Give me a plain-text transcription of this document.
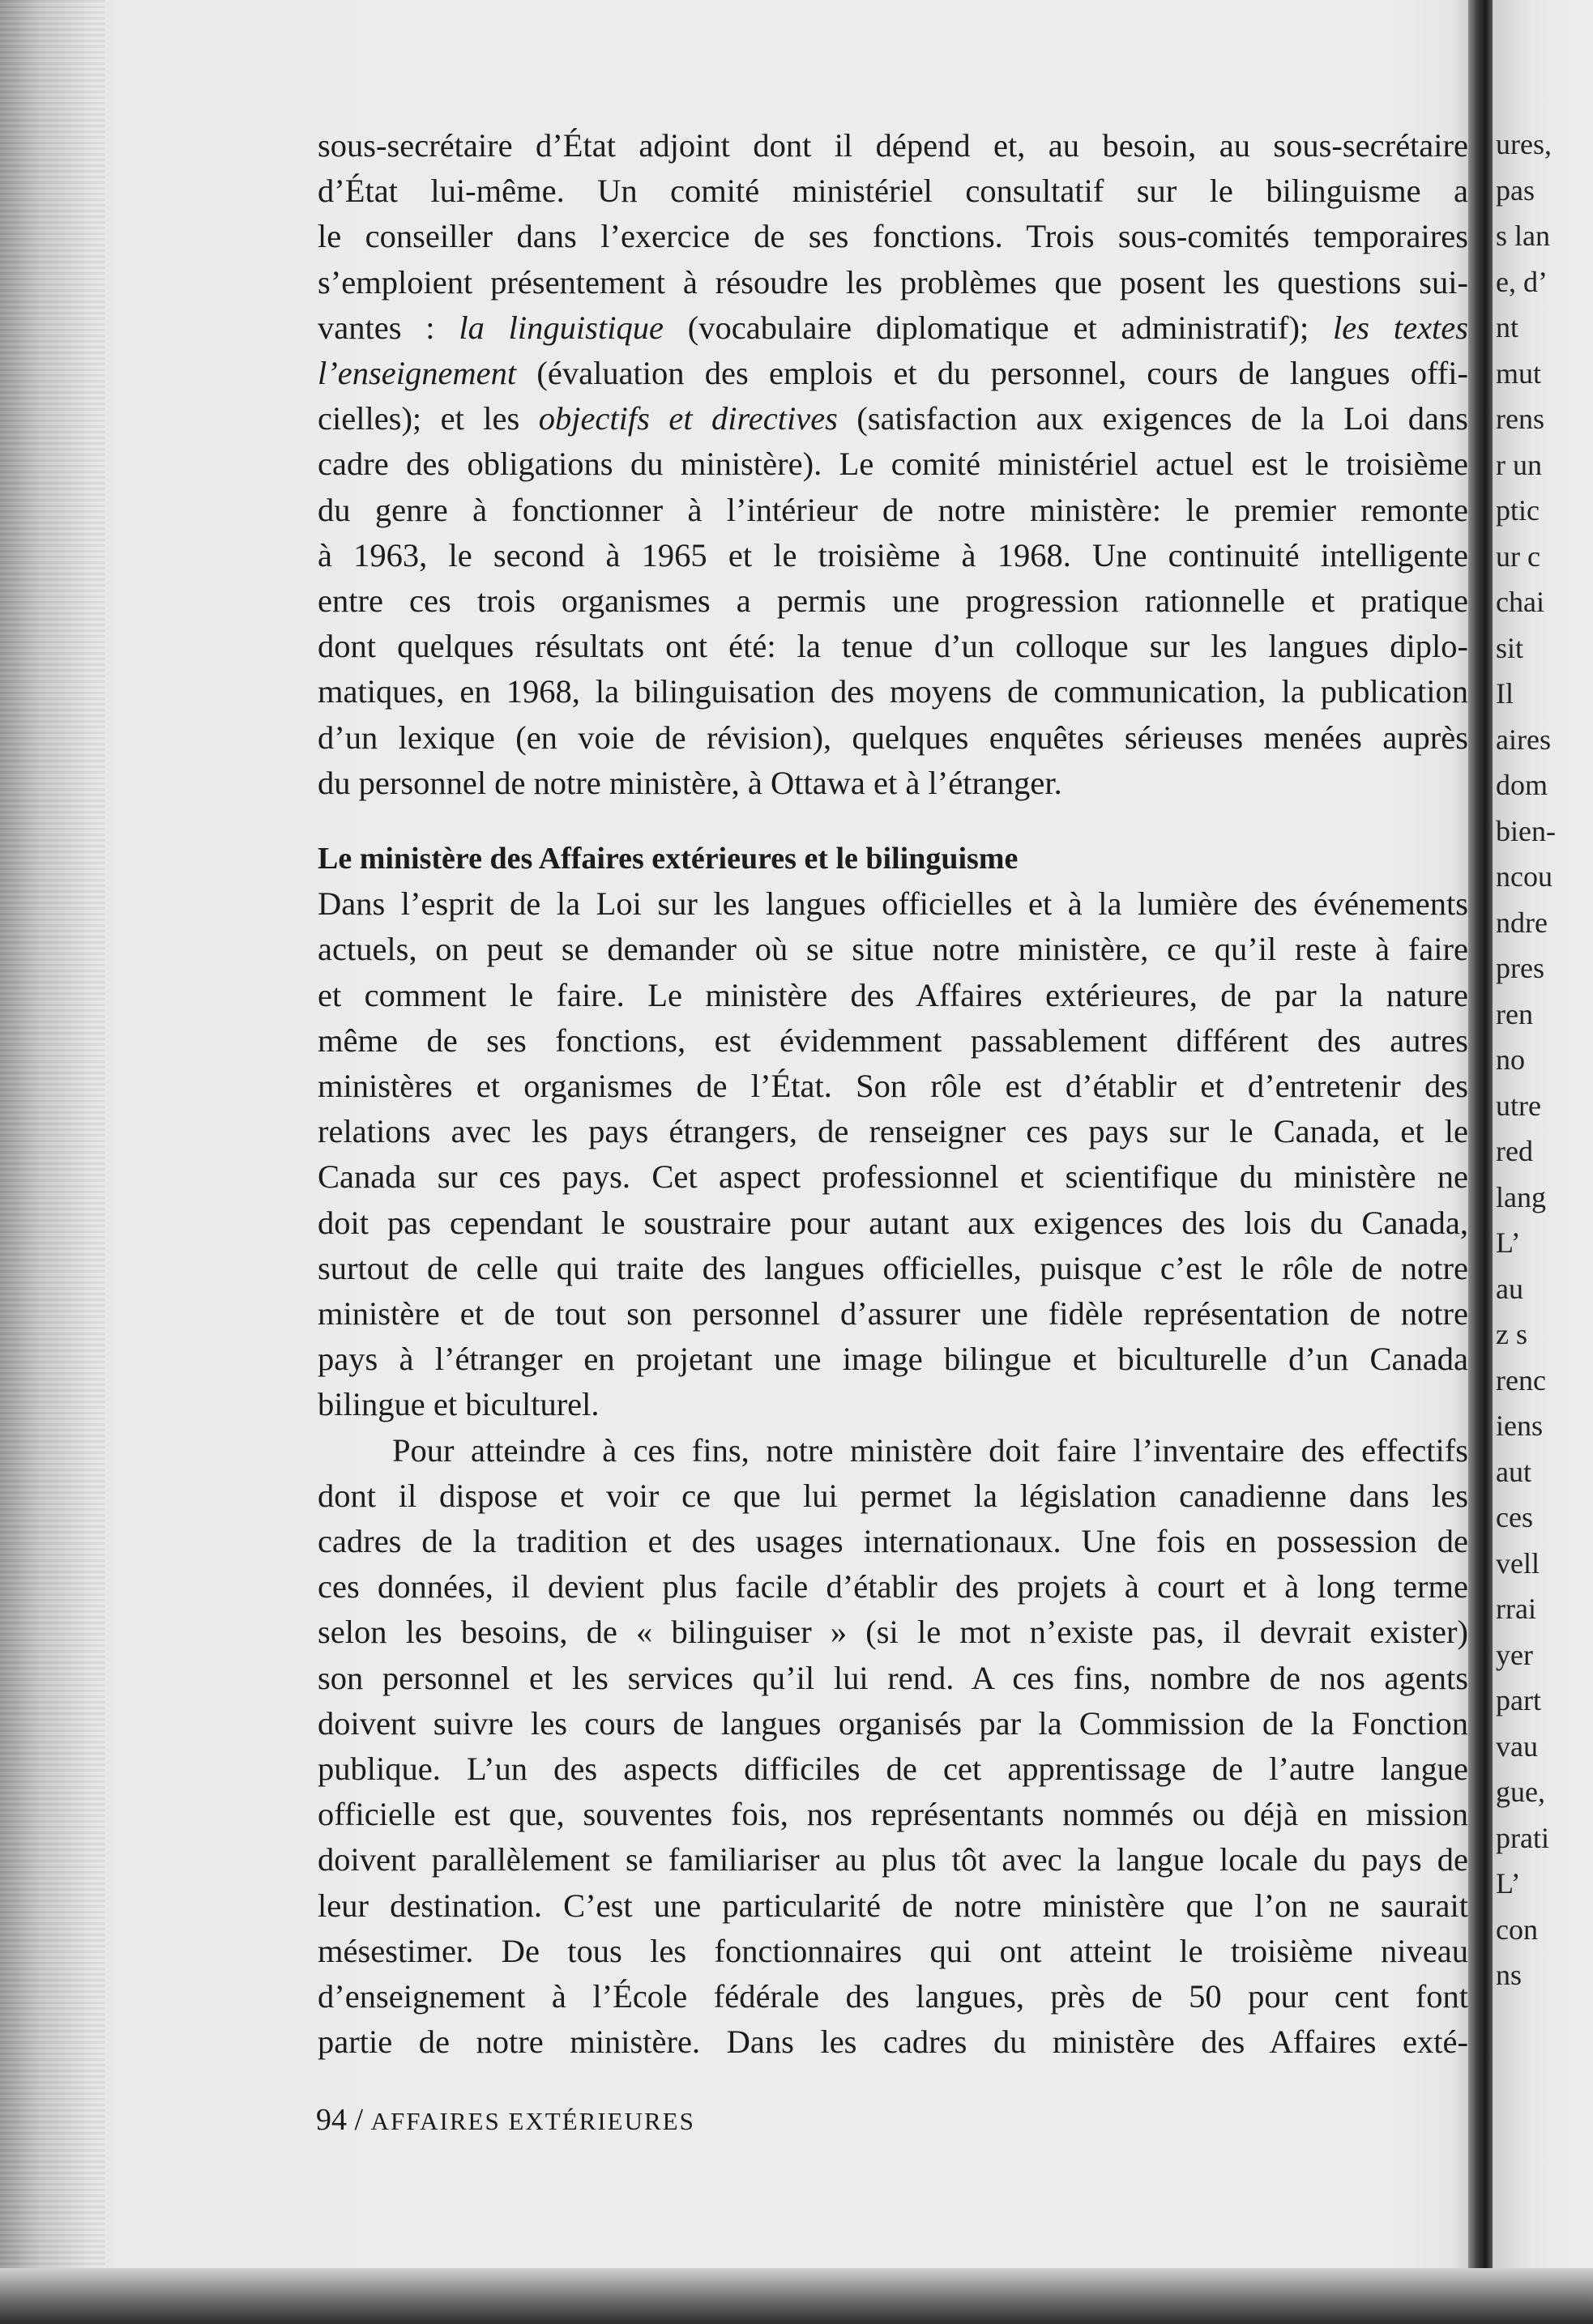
ures,
pas
s lan
e, d’
nt
mut
rens
r un
ptic
ur c
chai
sit
Il
aires
dom
bien-
ncou
ndre
pres
ren
no
utre
red
lang
L’
au
z s
renc
iens
aut
ces
vell
rrai
yer
part
vau
gue,
prati
L’
con
ns
sous-secrétaire d’État adjoint dont il dépend et, au besoin, au sous-secrétaire
d’État lui-même. Un comité ministériel consultatif sur le bilinguisme a
le conseiller dans l’exercice de ses fonctions. Trois sous-comités temporaires
s’emploient présentement à résoudre les problèmes que posent les questions sui-
vantes : la linguistique (vocabulaire diplomatique et administratif); les textes
l’enseignement (évaluation des emplois et du personnel, cours de langues offi-
cielles); et les objectifs et directives (satisfaction aux exigences de la Loi dans
cadre des obligations du ministère). Le comité ministériel actuel est le troisième
du genre à fonctionner à l’intérieur de notre ministère: le premier remonte
à 1963, le second à 1965 et le troisième à 1968. Une continuité intelligente
entre ces trois organismes a permis une progression rationnelle et pratique
dont quelques résultats ont été: la tenue d’un colloque sur les langues diplo-
matiques, en 1968, la bilinguisation des moyens de communication, la publication
d’un lexique (en voie de révision), quelques enquêtes sérieuses menées auprès
du personnel de notre ministère, à Ottawa et à l’étranger.
Le ministère des Affaires extérieures et le bilinguisme
Dans l’esprit de la Loi sur les langues officielles et à la lumière des événements
actuels, on peut se demander où se situe notre ministère, ce qu’il reste à faire
et comment le faire. Le ministère des Affaires extérieures, de par la nature
même de ses fonctions, est évidemment passablement différent des autres
ministères et organismes de l’État. Son rôle est d’établir et d’entretenir des
relations avec les pays étrangers, de renseigner ces pays sur le Canada, et le
Canada sur ces pays. Cet aspect professionnel et scientifique du ministère ne
doit pas cependant le soustraire pour autant aux exigences des lois du Canada,
surtout de celle qui traite des langues officielles, puisque c’est le rôle de notre
ministère et de tout son personnel d’assurer une fidèle représentation de notre
pays à l’étranger en projetant une image bilingue et biculturelle d’un Canada
bilingue et biculturel.
Pour atteindre à ces fins, notre ministère doit faire l’inventaire des effectifs
dont il dispose et voir ce que lui permet la législation canadienne dans les
cadres de la tradition et des usages internationaux. Une fois en possession de
ces données, il devient plus facile d’établir des projets à court et à long terme
selon les besoins, de « bilinguiser » (si le mot n’existe pas, il devrait exister)
son personnel et les services qu’il lui rend. A ces fins, nombre de nos agents
doivent suivre les cours de langues organisés par la Commission de la Fonction
publique. L’un des aspects difficiles de cet apprentissage de l’autre langue
officielle est que, souventes fois, nos représentants nommés ou déjà en mission
doivent parallèlement se familiariser au plus tôt avec la langue locale du pays de
leur destination. C’est une particularité de notre ministère que l’on ne saurait
mésestimer. De tous les fonctionnaires qui ont atteint le troisième niveau
d’enseignement à l’École fédérale des langues, près de 50 pour cent font
partie de notre ministère. Dans les cadres du ministère des Affaires exté-
94 / AFFAIRES EXTÉRIEURES
